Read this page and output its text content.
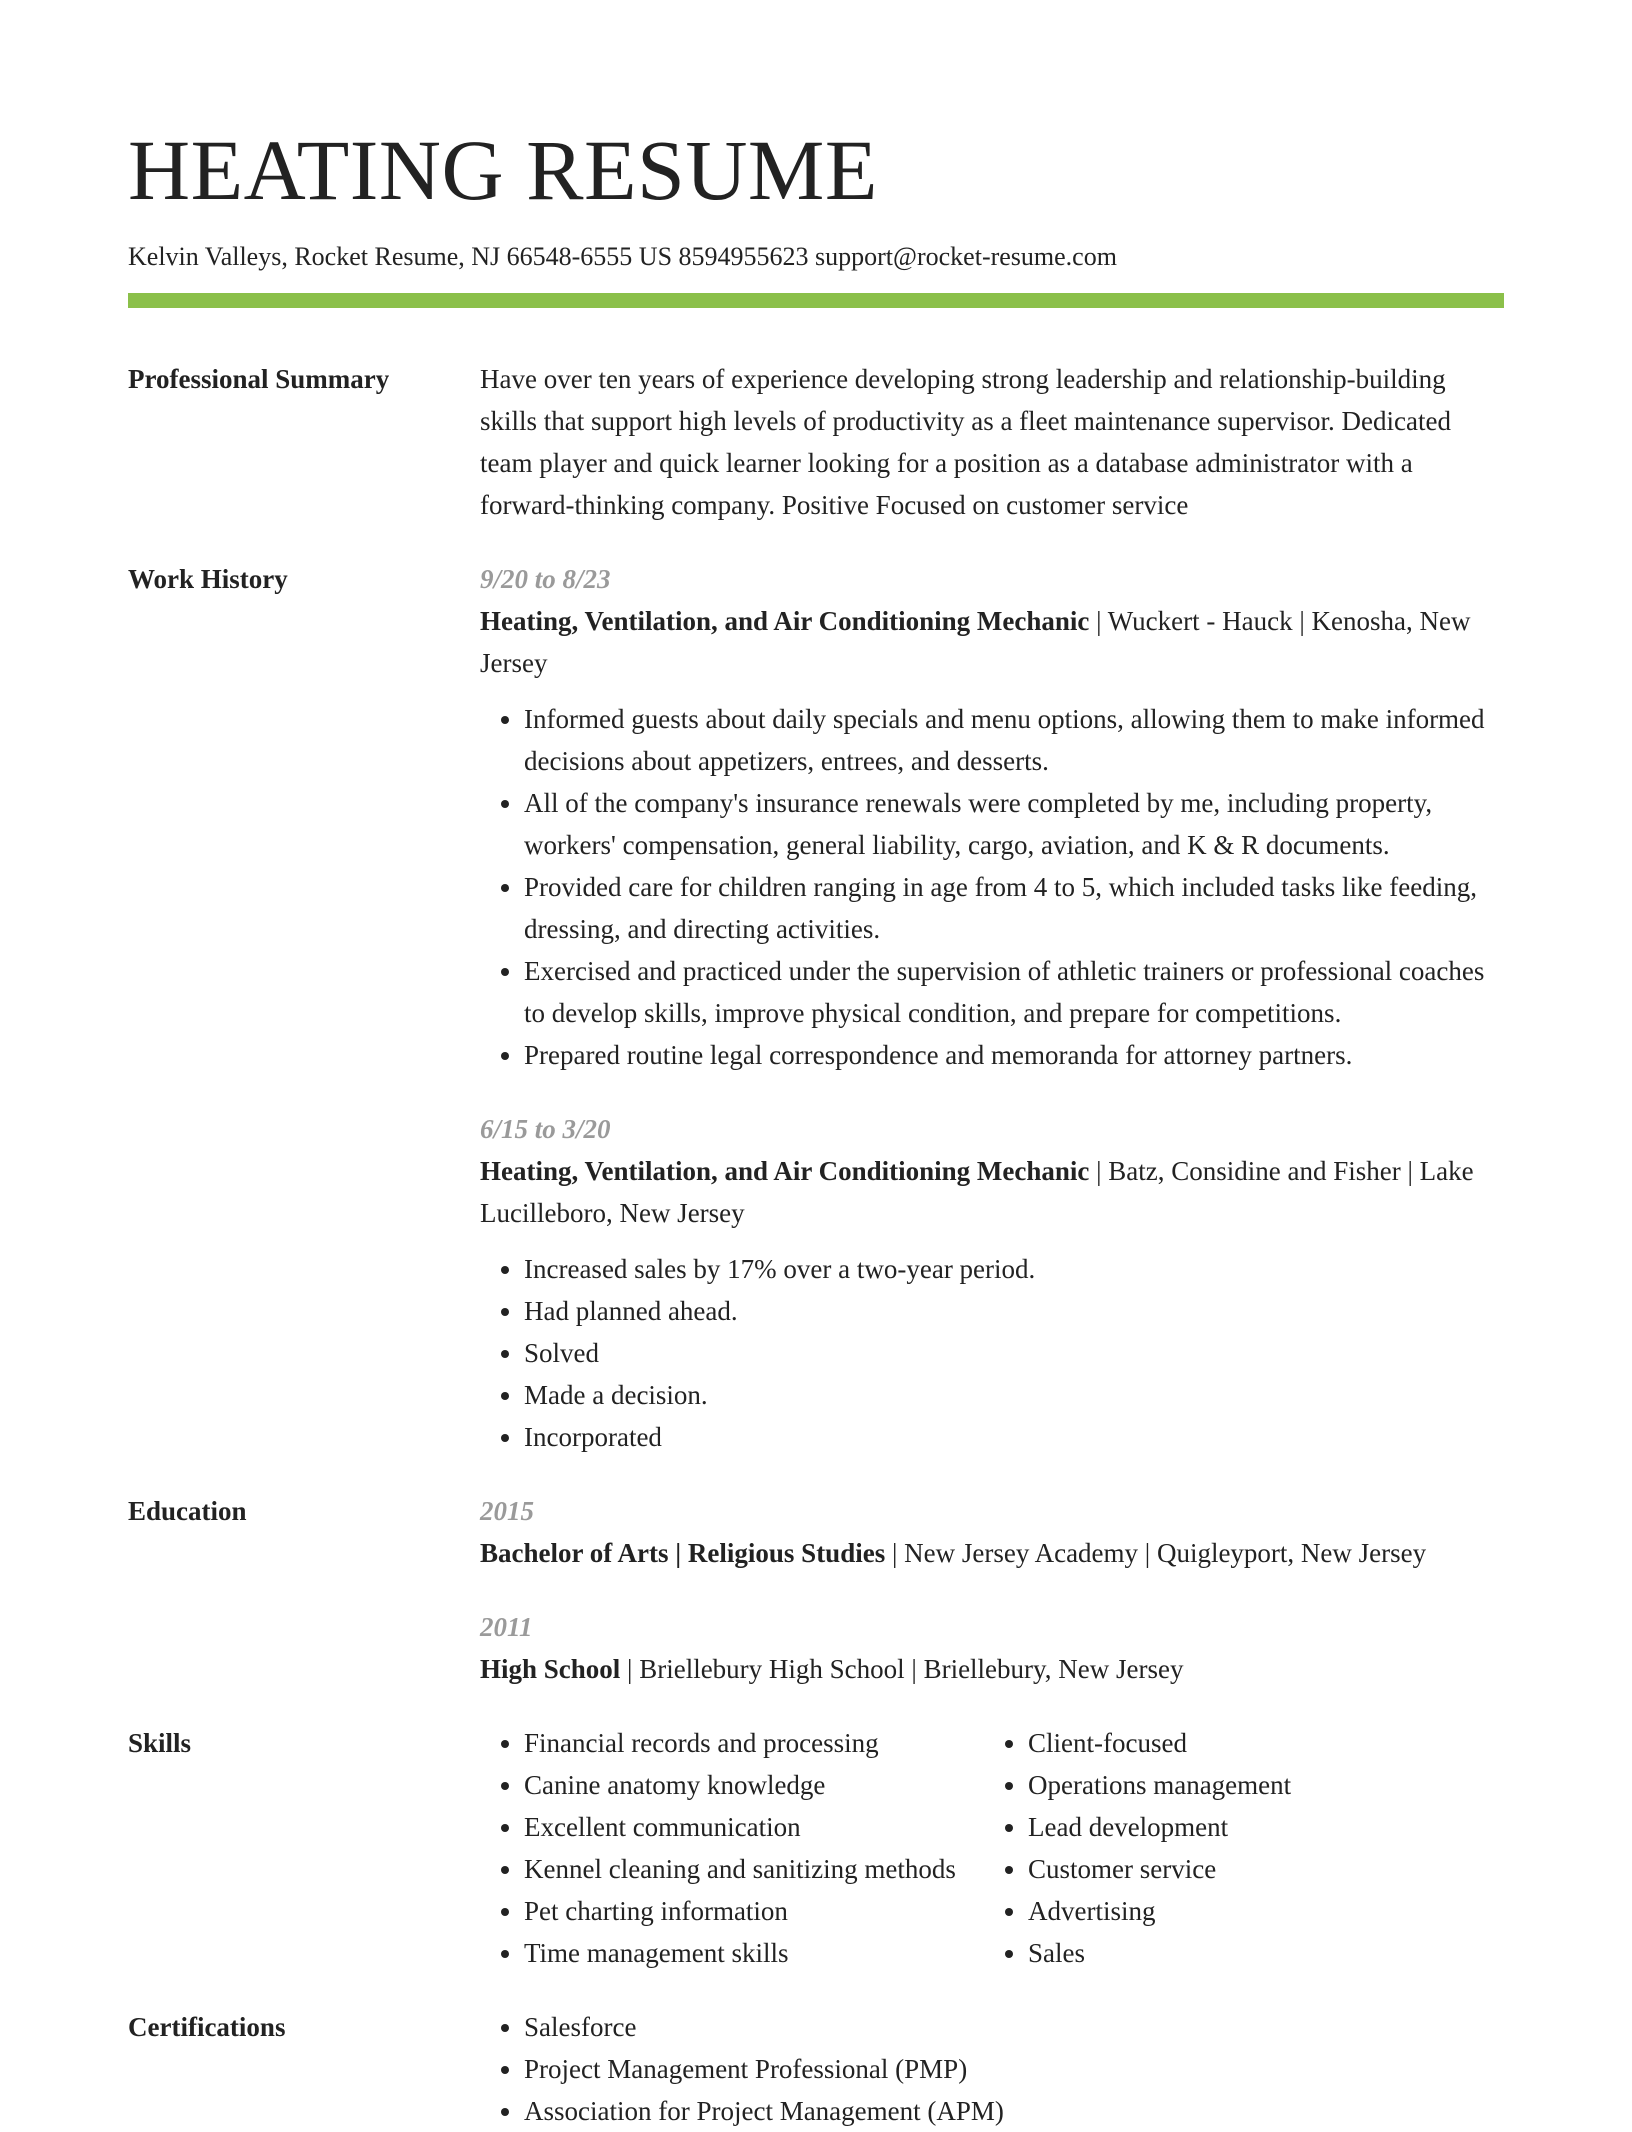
HEATING RESUME
Kelvin Valleys, Rocket Resume, NJ 66548-6555 US 8594955623 support@rocket-resume.com
Professional Summary	Have over ten years of experience developing strong leadership and relationship-building skills that support high levels of productivity as a fleet maintenance supervisor. Dedicated team player and quick learner looking for a position as a database administrator with a forward-thinking company. Positive Focused on customer service

Work History	9/20 to 8/23
Heating, Ventilation, and Air Conditioning Mechanic | Wuckert - Hauck | Kenosha, New Jersey
• Informed guests about daily specials and menu options, allowing them to make informed decisions about appetizers, entrees, and desserts.
• All of the company's insurance renewals were completed by me, including property, workers' compensation, general liability, cargo, aviation, and K & R documents.
• Provided care for children ranging in age from 4 to 5, which included tasks like feeding, dressing, and directing activities.
• Exercised and practiced under the supervision of athletic trainers or professional coaches to develop skills, improve physical condition, and prepare for competitions.
• Prepared routine legal correspondence and memoranda for attorney partners.
6/15 to 3/20
Heating, Ventilation, and Air Conditioning Mechanic | Batz, Considine and Fisher | Lake Lucilleboro, New Jersey
• Increased sales by 17% over a two-year period.
• Had planned ahead.
• Solved
• Made a decision.
• Incorporated
Education	2015
Bachelor of Arts | Religious Studies | New Jersey Academy | Quigleyport, New Jersey
2011
High School | Briellebury High School | Briellebury, New Jersey
Skills	• Financial records and processing
• Canine anatomy knowledge
• Excellent communication
• Kennel cleaning and sanitizing methods
• Pet charting information
• Time management skills
• Client-focused
• Operations management
• Lead development
• Customer service
• Advertising
• Sales
Certifications	• Salesforce
• Project Management Professional (PMP)
• Association for Project Management (APM)
